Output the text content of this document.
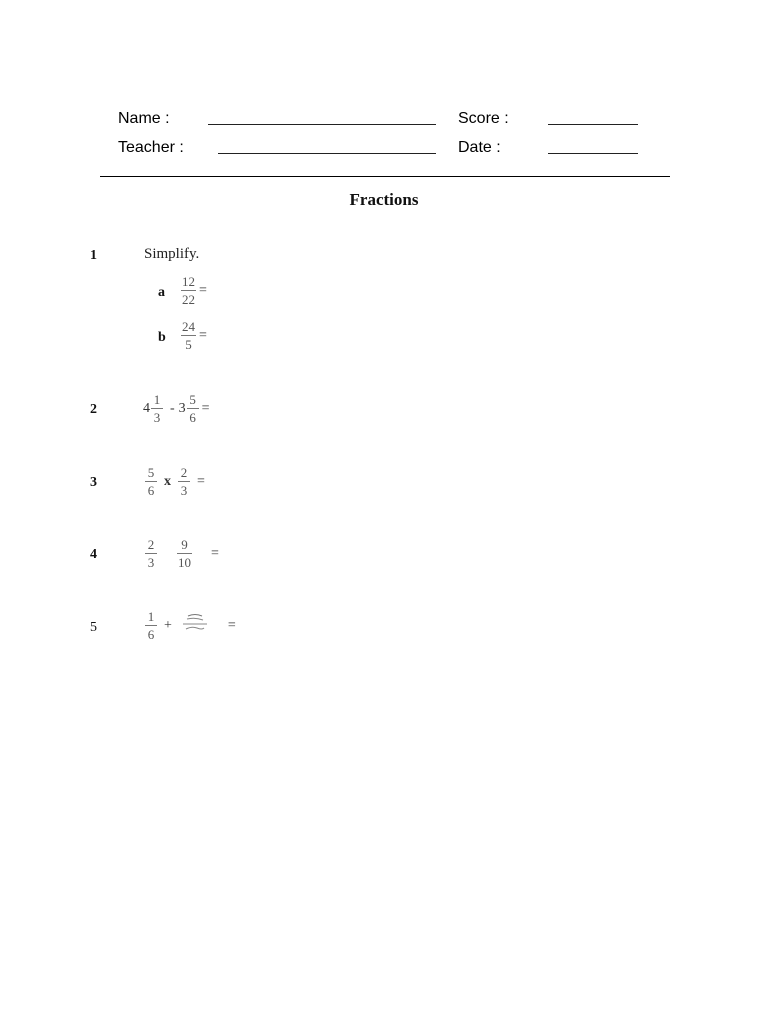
Name :	Score :
Teacher :	Date :
Fractions
1	Simplify.
a $\frac{12}{22}$ =
b $\frac{24}{5}$ =
2	$4 \frac{1}{3} - 3 \frac{5}{6}$ =
3	$\frac{5}{6}$ x $\frac{2}{3}$ =
4	$\frac{2}{3} \frac{9}{10}$ =
5	$\frac{1}{6}$ +	=
